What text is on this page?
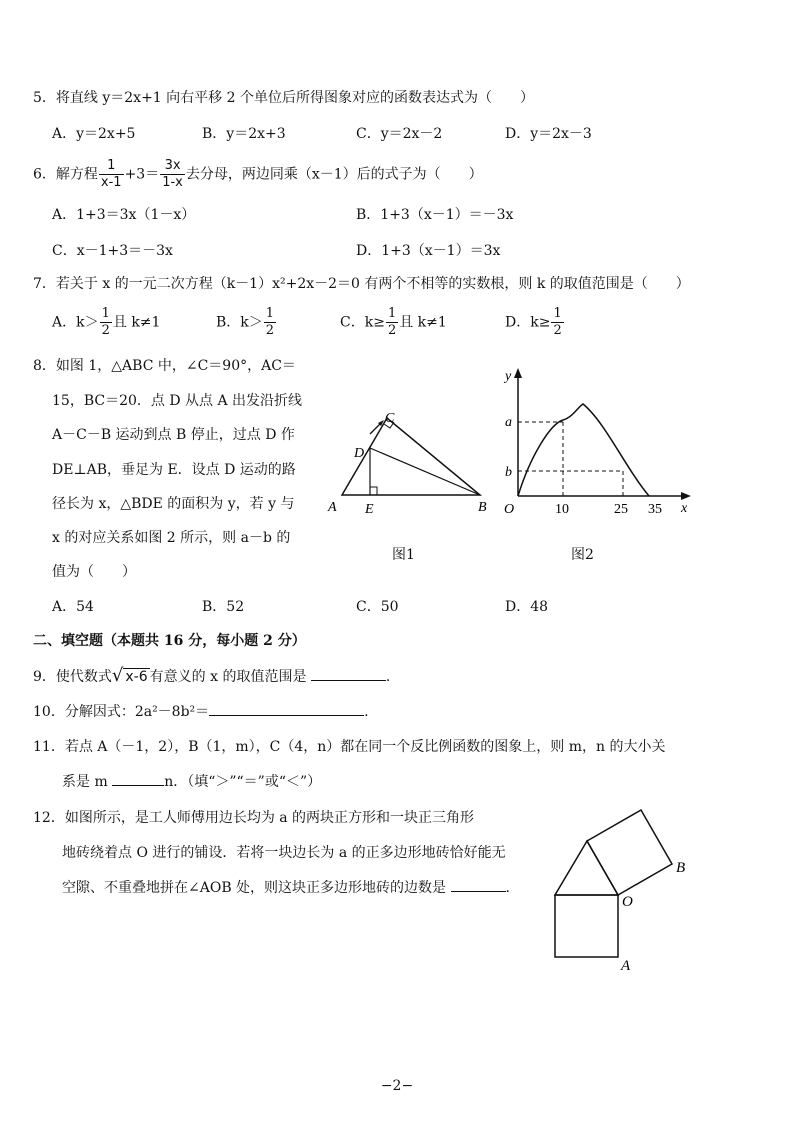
5．将直线 y＝2x+1 向右平移 2 个单位后所得图象对应的函数表达式为（　　）
A．y＝2x+5	B．y＝2x+3	C．y＝2x－2	D．y＝2x－3
6．解方程 $\frac{1}{x-1} +3= \frac{3x}{1-x}$ 去分母，两边同乘（x－1）后的式子为（　　）
A．1+3＝3x（1－x）	B．1+3（x－1）＝－3x
C．x－1+3＝－3x	D．1+3（x－1）＝3x
7．若关于 x 的一元二次方程（k－1）x²+2x－2＝0 有两个不相等的实数根，则 k 的取值范围是（　　）
A．$k> \frac{1}{2}$ 且 k≠1	B．$k> \frac{1}{2}$	C．$k\ge \frac{1}{2}$ 且 k≠1	D．$k\ge \frac{1}{2}$
8．如图 1，△ABC 中，∠C＝90°，AC＝
15，BC＝20．点 D 从点 A 出发沿折线
A－C－B 运动到点 B 停止，过点 D 作
DE⊥AB，垂足为 E．设点 D 运动的路
径长为 x，△BDE 的面积为 y，若 y 与
x 的对应关系如图 2 所示，则 a－b 的
值为（　　）
A	B
C
D
E
图1
y
x
a
b
O	10	25 35
图2
A．54	B．52	C．50	D．48
二、填空题（本题共 16 分，每小题 2 分）
9．使代数式√ x-6 有意义的 x 的取值范围是	.
10．分解因式：2a²－8b²＝	.
11．若点 A（－1，2），B（1，m），C（4，n）都在同一个反比例函数的图象上，则 m，n 的大小关
系是 m	n．（填“＞”“＝”或“＜”）
12．如图所示，是工人师傅用边长均为 a 的两块正方形和一块正三角形
地砖绕着点 O 进行的铺设．若将一块边长为 a 的正多边形地砖恰好能无
空隙、不重叠地拼在∠AOB 处，则这块正多边形地砖的边数是	.
O
A
B
−2−
